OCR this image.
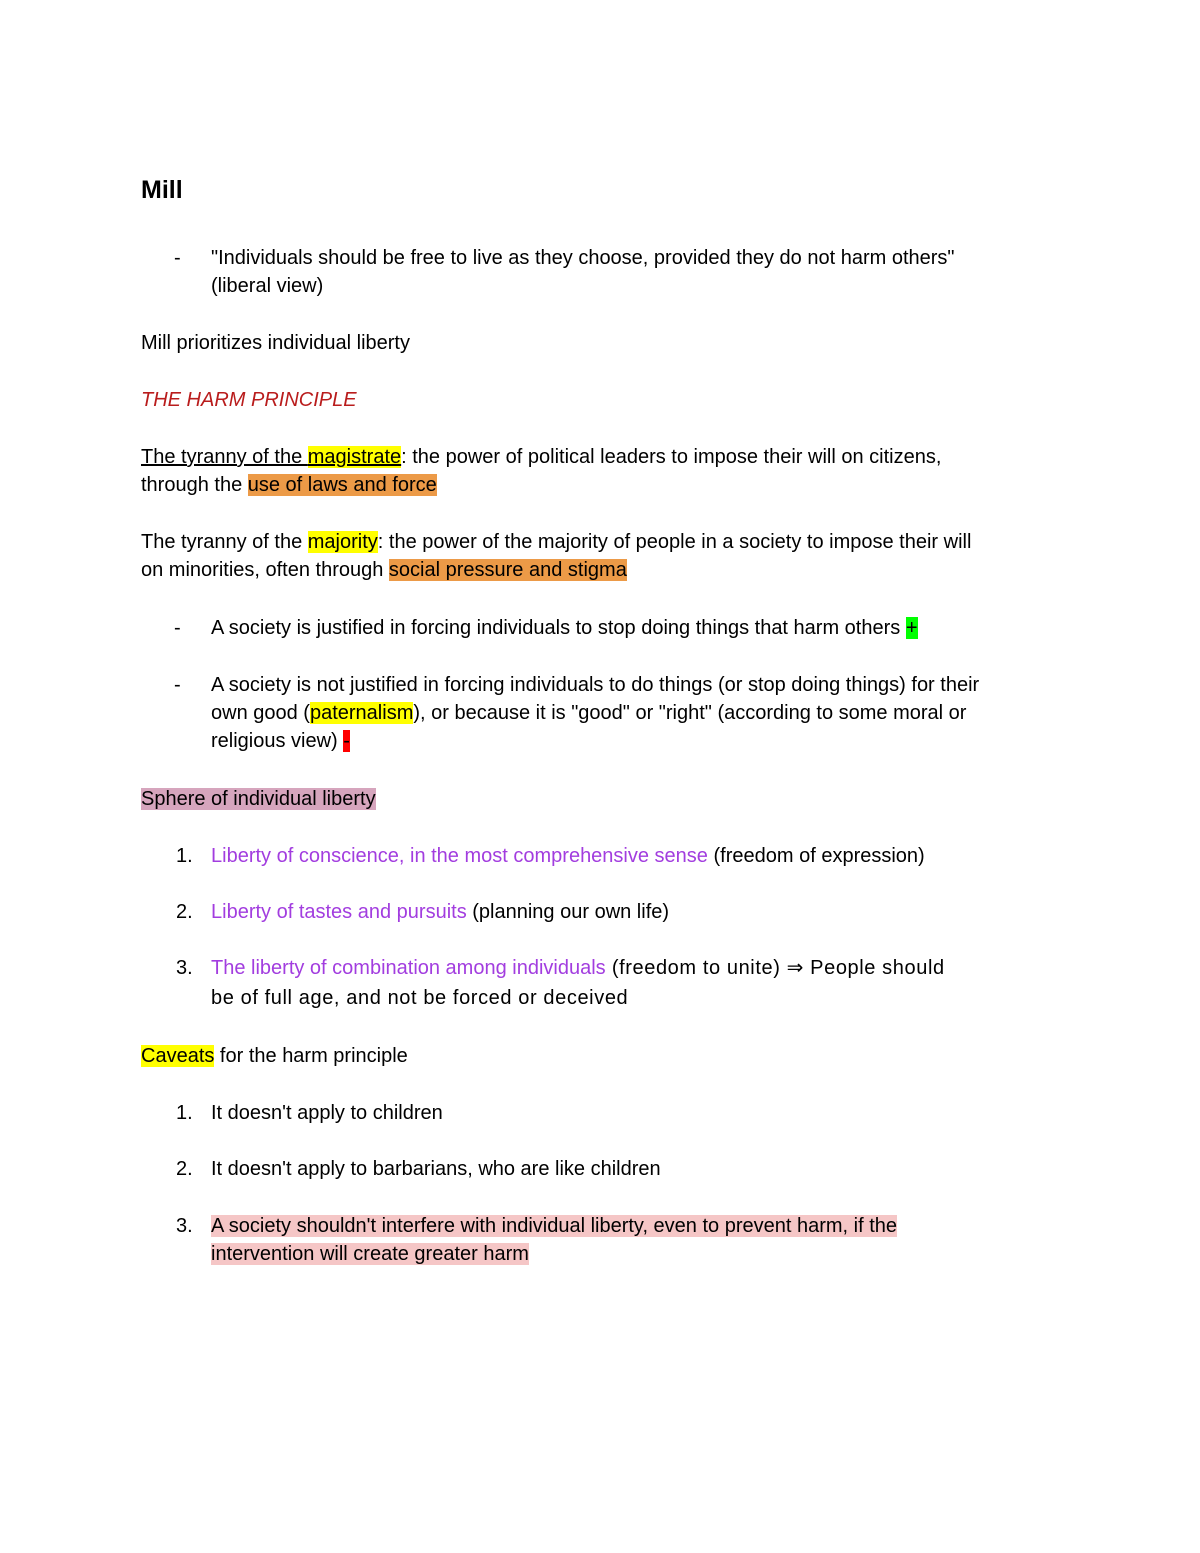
Mill
- "Individuals should be free to live as they choose, provided they do not harm others"
(liberal view)
Mill prioritizes individual liberty
THE HARM PRINCIPLE
The tyranny of the magistrate: the power of political leaders to impose their will on citizens,
through the use of laws and force
The tyranny of the majority: the power of the majority of people in a society to impose their will
on minorities, often through social pressure and stigma
- A society is justified in forcing individuals to stop doing things that harm others +
- A society is not justified in forcing individuals to do things (or stop doing things) for their
own good (paternalism), or because it is "good" or "right" (according to some moral or
religious view) -
Sphere of individual liberty
1. Liberty of conscience, in the most comprehensive sense (freedom of expression)
2. Liberty of tastes and pursuits (planning our own life)
3. The liberty of combination among individuals (freedom to unite) ⇒ People should
be of full age, and not be forced or deceived
Caveats for the harm principle
1. It doesn't apply to children
2. It doesn't apply to barbarians, who are like children
3. A society shouldn't interfere with individual liberty, even to prevent harm, if the
intervention will create greater harm
